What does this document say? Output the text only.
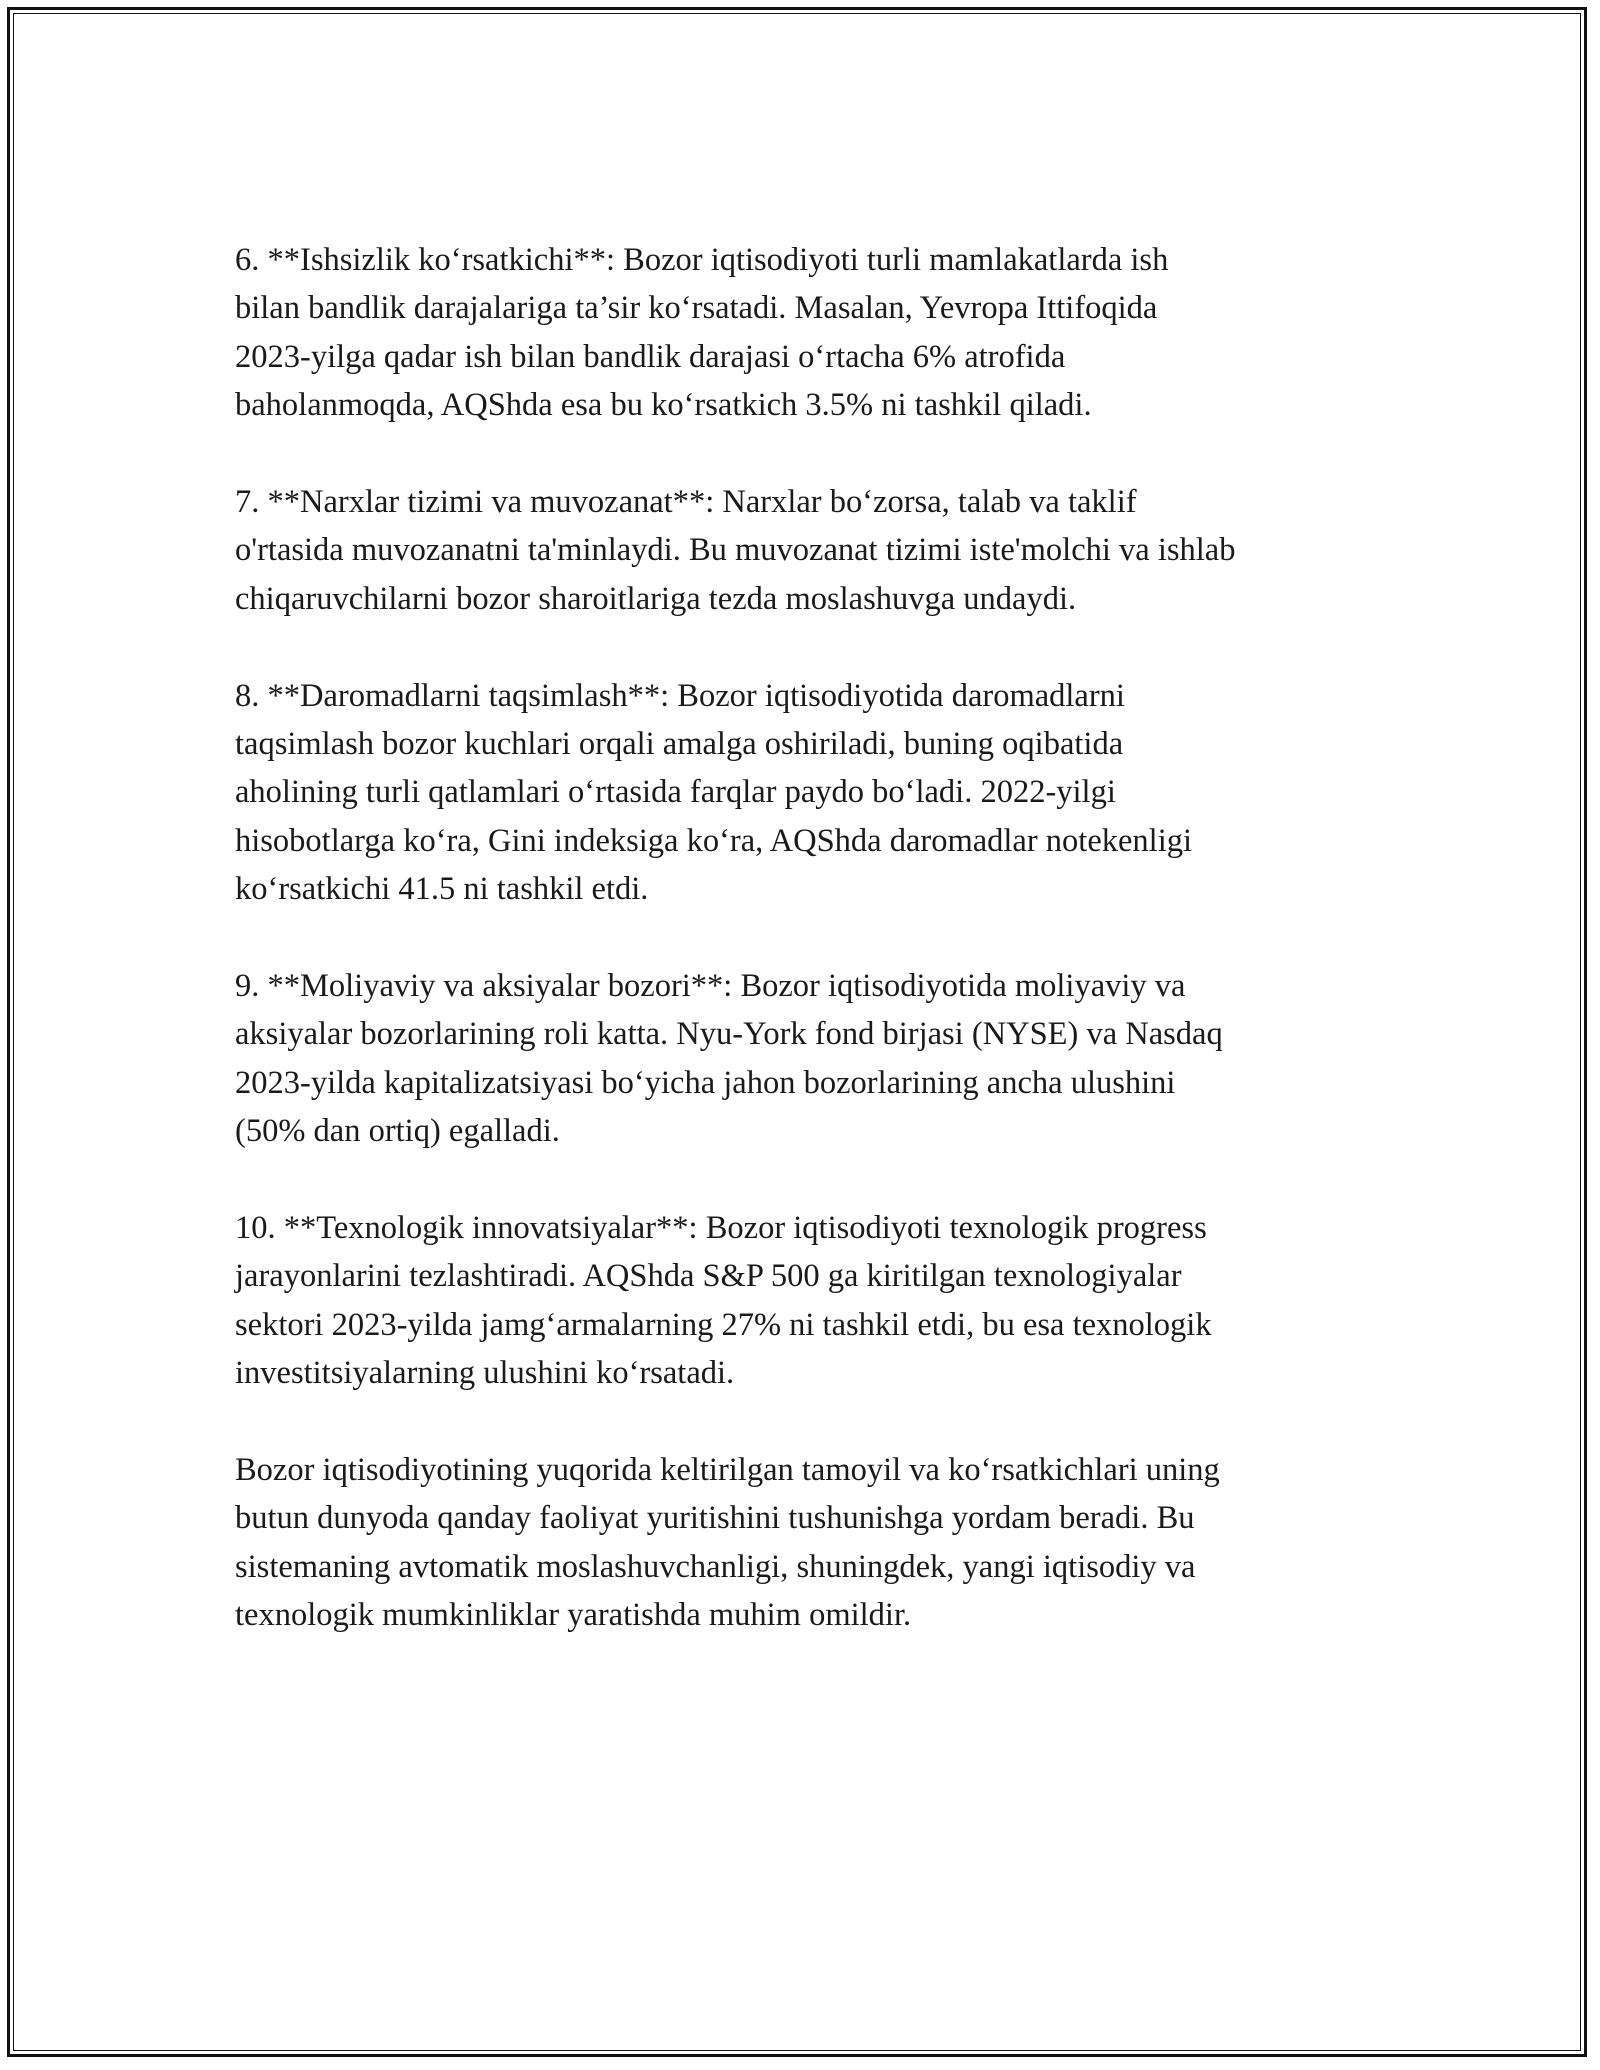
6. **Ishsizlik ko‘rsatkichi**: Bozor iqtisodiyoti turli mamlakatlarda ish
bilan bandlik darajalariga ta’sir ko‘rsatadi. Masalan, Yevropa Ittifoqida
2023-yilga qadar ish bilan bandlik darajasi o‘rtacha 6% atrofida
baholanmoqda, AQShda esa bu ko‘rsatkich 3.5% ni tashkil qiladi.

7. **Narxlar tizimi va muvozanat**: Narxlar bo‘zorsa, talab va taklif
o'rtasida muvozanatni ta'minlaydi. Bu muvozanat tizimi iste'molchi va ishlab
chiqaruvchilarni bozor sharoitlariga tezda moslashuvga undaydi.

8. **Daromadlarni taqsimlash**: Bozor iqtisodiyotida daromadlarni
taqsimlash bozor kuchlari orqali amalga oshiriladi, buning oqibatida
aholining turli qatlamlari o‘rtasida farqlar paydo bo‘ladi. 2022-yilgi
hisobotlarga ko‘ra, Gini indeksiga ko‘ra, AQShda daromadlar notekenligi
ko‘rsatkichi 41.5 ni tashkil etdi.

9. **Moliyaviy va aksiyalar bozori**: Bozor iqtisodiyotida moliyaviy va
aksiyalar bozorlarining roli katta. Nyu-York fond birjasi (NYSE) va Nasdaq
2023-yilda kapitalizatsiyasi bo‘yicha jahon bozorlarining ancha ulushini
(50% dan ortiq) egalladi.

10. **Texnologik innovatsiyalar**: Bozor iqtisodiyoti texnologik progress
jarayonlarini tezlashtiradi. AQShda S&P 500 ga kiritilgan texnologiyalar
sektori 2023-yilda jamg‘armalarning 27% ni tashkil etdi, bu esa texnologik
investitsiyalarning ulushini ko‘rsatadi.

Bozor iqtisodiyotining yuqorida keltirilgan tamoyil va ko‘rsatkichlari uning
butun dunyoda qanday faoliyat yuritishini tushunishga yordam beradi. Bu
sistemaning avtomatik moslashuvchanligi, shuningdek, yangi iqtisodiy va
texnologik mumkinliklar yaratishda muhim omildir.
